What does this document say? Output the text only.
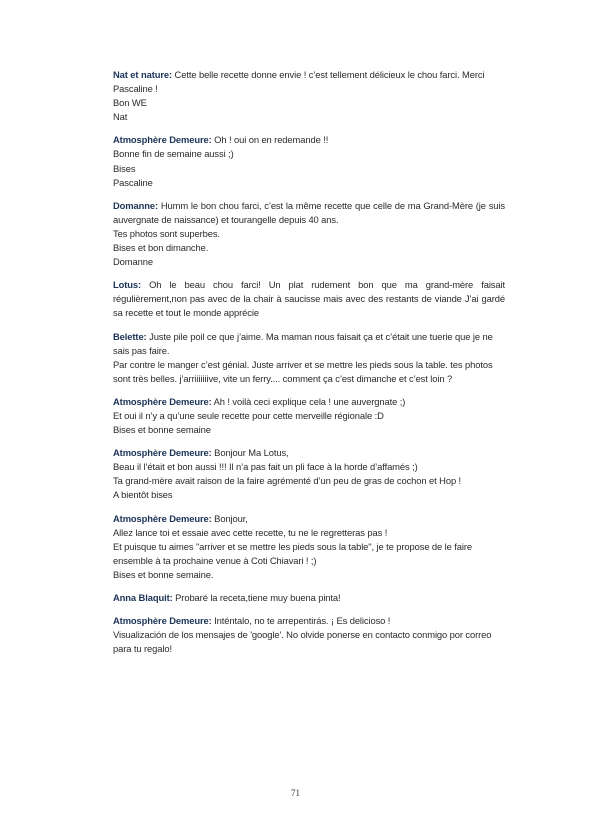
Nat et nature: Cette belle recette donne envie ! c’est tellement délicieux le chou farci. Merci Pascaline !
Bon WE
Nat
Atmosphère Demeure: Oh ! oui on en redemande !!
Bonne fin de semaine aussi ;)
Bises
Pascaline
Domanne: Humm le bon chou farci, c’est la même recette que celle de ma Grand-Mère (je suis auvergnate de naissance) et tourangelle depuis 40 ans.
Tes photos sont superbes.
Bises et bon dimanche.
Domanne
Lotus: Oh le beau chou farci! Un plat rudement bon que ma grand-mère faisait régulièrement,non pas avec de la chair à saucisse mais avec des restants de viande J’ai gardé sa recette et tout le monde apprécie
Belette: Juste pile poil ce que j’aime. Ma maman nous faisait ça et c’était une tuerie que je ne sais pas faire.
Par contre le manger c’est génial. Juste arriver et se mettre les pieds sous la table. tes photos sont très belles. j’arriiiiiiive, vite un ferry.... comment ça c’est dimanche et c’est loin ?
Atmosphère Demeure: Ah ! voilà ceci explique cela ! une auvergnate ;)
Et oui il n’y a qu’une seule recette pour cette merveille régionale :D
Bises et bonne semaine
Atmosphère Demeure: Bonjour Ma Lotus,
Beau il l’était et bon aussi !!! Il n’a pas fait un pli face à la horde d’affamés ;)
Ta grand-mère avait raison de la faire agrémenté d’un peu de gras de cochon et Hop !
A bientôt bises
Atmosphère Demeure: Bonjour,
Allez lance toi et essaie avec cette recette, tu ne le regretteras pas !
Et puisque tu aimes "arriver et se mettre les pieds sous la table", je te propose de le faire ensemble à ta prochaine venue à Coti Chiavari ! ;)
Bises et bonne semaine.
Anna Blaquit: Probaré la receta,tiene muy buena pinta!
Atmosphère Demeure: Inténtalo, no te arrepentirás. ¡ Es delicioso !
Visualización de los mensajes de 'google'. No olvide ponerse en contacto conmigo por correo para tu regalo!
71
